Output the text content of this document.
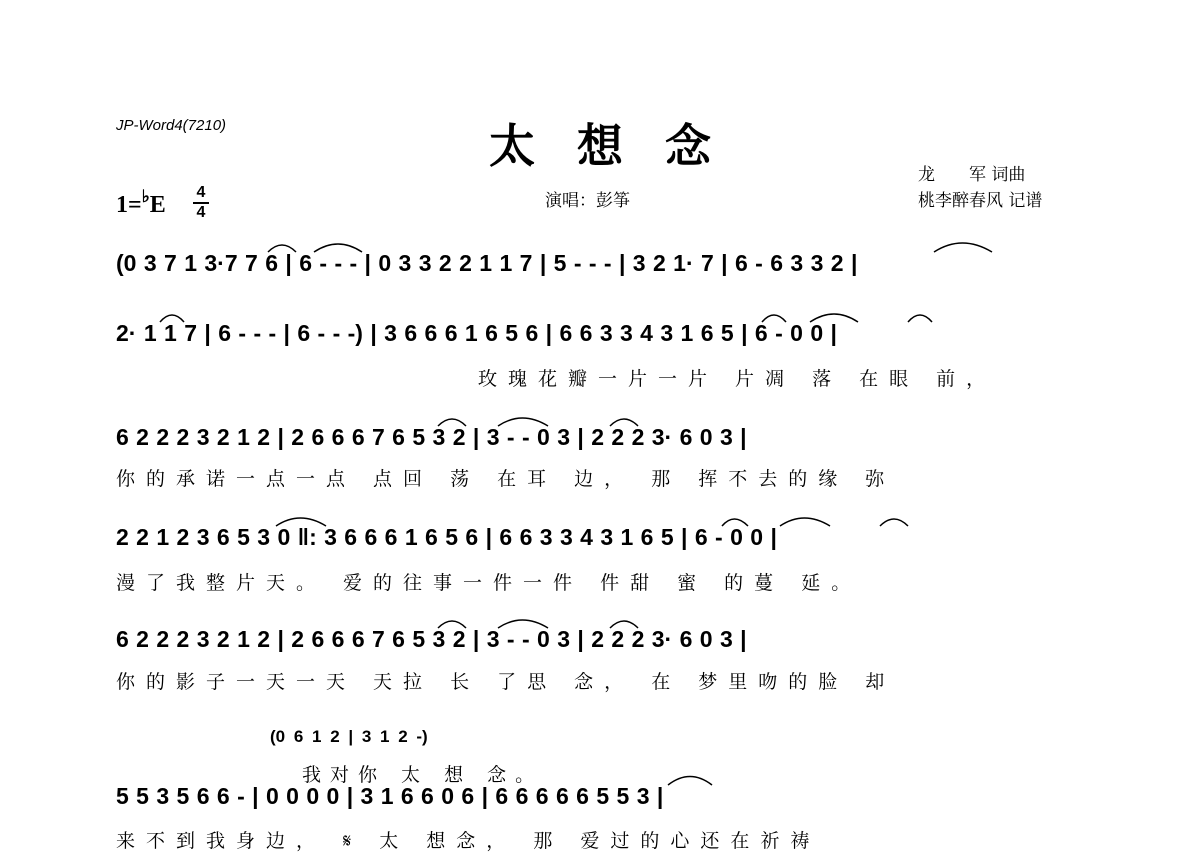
JP-Word4(7210)	太想念
龙　　军 词曲
桃李醉春风 记谱
演唱：彭筝
1=♭E 4
4
(0 3 7 1 3·7 7 6 | 6 - - - | 0 3 3 2 2 1 1 7 | 5 - - - | 3 2 1· 7 | 6 - 6 3 3 2 |
2· 1 1 7 | 6 - - - | 6 - - -) | 3 6 6 6 1 6 5 6 | 6 6 3 3 4 3 1 6 5 | 6 - 0 0 |
玫瑰花瓣一片一片 片凋 落 在眼 前，
6 2 2 2 3 2 1 2 | 2 6 6 6 7 6 5 3 2 | 3 - - 0 3 | 2 2 2 3· 6 0 3 |
你的承诺一点一点 点回 荡 在耳 边， 那 挥不去的缘 弥
2 2 1 2 3 6 5 3 0 ‖: 3 6 6 6 1 6 5 6 | 6 6 3 3 4 3 1 6 5 | 6 - 0 0 |
漫了我整片天。 爱的往事一件一件 件甜 蜜 的蔓 延。
6 2 2 2 3 2 1 2 | 2 6 6 6 7 6 5 3 2 | 3 - - 0 3 | 2 2 2 3· 6 0 3 |
你的影子一天一天 天拉 长 了思 念， 在 梦里吻的脸 却
(0 6 1 2 | 3 1 2 -)
我对你 太 想 念。
5 5 3 5 6 6 - | 0 0 0 0 | 3 1 6 6 0 6 | 6 6 6 6 6 5 5 3 |
来不到我身边， 𝄋 太 想念， 那 爱过的心还在祈祷
